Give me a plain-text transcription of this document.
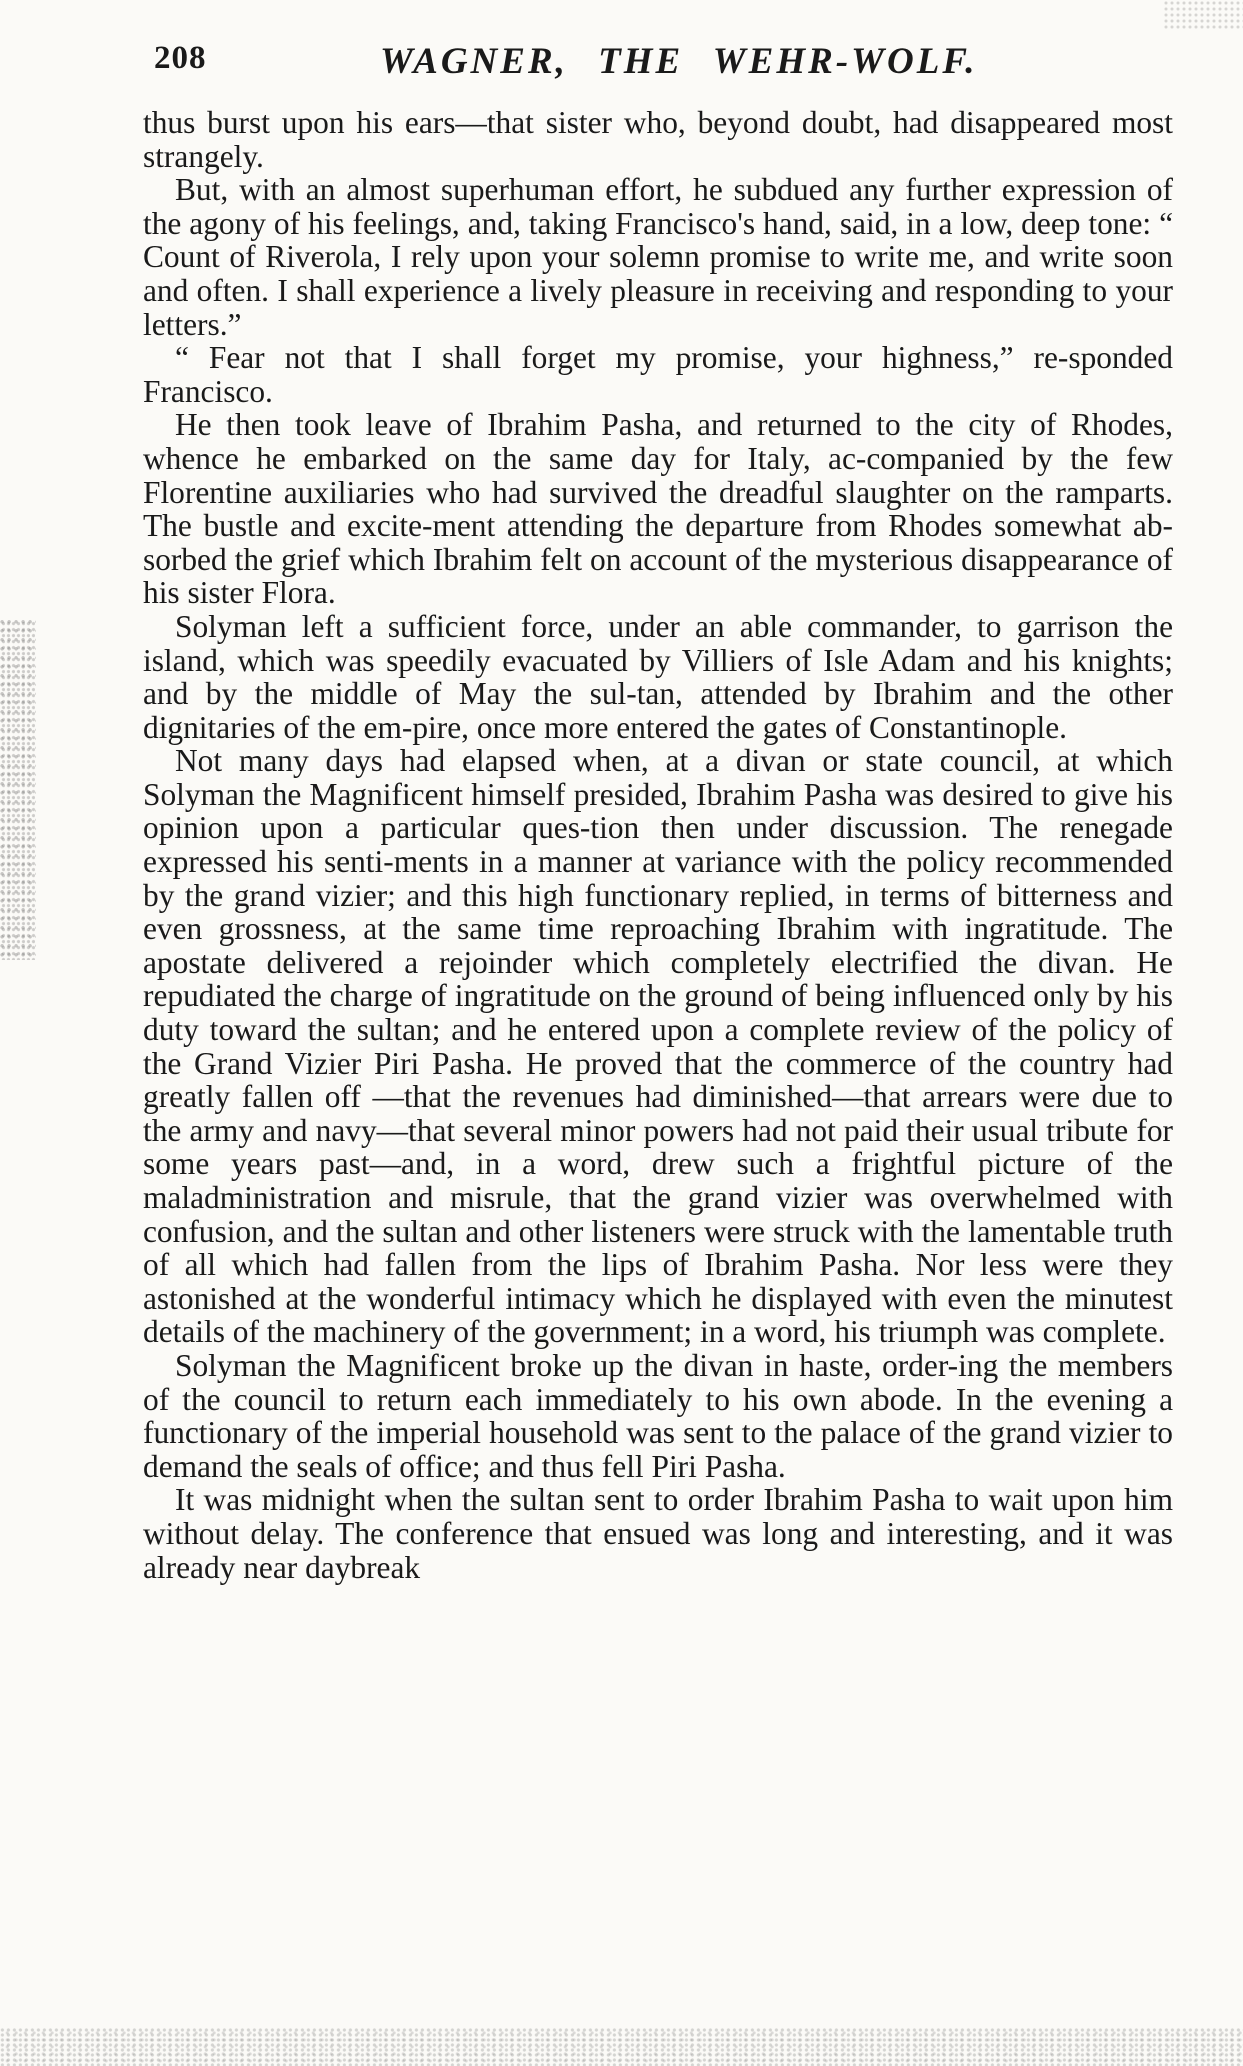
208	WAGNER, THE WEHR-WOLF.

thus burst upon his ears—that sister who, beyond doubt, had disappeared most strangely.

But, with an almost superhuman effort, he subdued any further expression of the agony of his feelings, and, taking Francisco's hand, said, in a low, deep tone: “ Count of Riverola, I rely upon your solemn promise to write me, and write soon and often. I shall experience a lively pleasure in receiving and responding to your letters.”

“ Fear not that I shall forget my promise, your highness,” re-sponded Francisco.

He then took leave of Ibrahim Pasha, and returned to the city of Rhodes, whence he embarked on the same day for Italy, ac-companied by the few Florentine auxiliaries who had survived the dreadful slaughter on the ramparts. The bustle and excite-ment attending the departure from Rhodes somewhat ab-sorbed the grief which Ibrahim felt on account of the mysterious disappearance of his sister Flora.

Solyman left a sufficient force, under an able commander, to garrison the island, which was speedily evacuated by Villiers of Isle Adam and his knights; and by the middle of May the sul-tan, attended by Ibrahim and the other dignitaries of the em-pire, once more entered the gates of Constantinople.

Not many days had elapsed when, at a divan or state council, at which Solyman the Magnificent himself presided, Ibrahim Pasha was desired to give his opinion upon a particular ques-tion then under discussion. The renegade expressed his senti-ments in a manner at variance with the policy recommended by the grand vizier; and this high functionary replied, in terms of bitterness and even grossness, at the same time reproaching Ibrahim with ingratitude. The apostate delivered a rejoinder which completely electrified the divan. He repudiated the charge of ingratitude on the ground of being influenced only by his duty toward the sultan; and he entered upon a complete review of the policy of the Grand Vizier Piri Pasha. He proved that the commerce of the country had greatly fallen off —that the revenues had diminished—that arrears were due to the army and navy—that several minor powers had not paid their usual tribute for some years past—and, in a word, drew such a frightful picture of the maladministration and misrule, that the grand vizier was overwhelmed with confusion, and the sultan and other listeners were struck with the lamentable truth of all which had fallen from the lips of Ibrahim Pasha. Nor less were they astonished at the wonderful intimacy which he displayed with even the minutest details of the machinery of the government; in a word, his triumph was complete.

Solyman the Magnificent broke up the divan in haste, order-ing the members of the council to return each immediately to his own abode. In the evening a functionary of the imperial household was sent to the palace of the grand vizier to demand the seals of office; and thus fell Piri Pasha.

It was midnight when the sultan sent to order Ibrahim Pasha to wait upon him without delay. The conference that ensued was long and interesting, and it was already near daybreak
